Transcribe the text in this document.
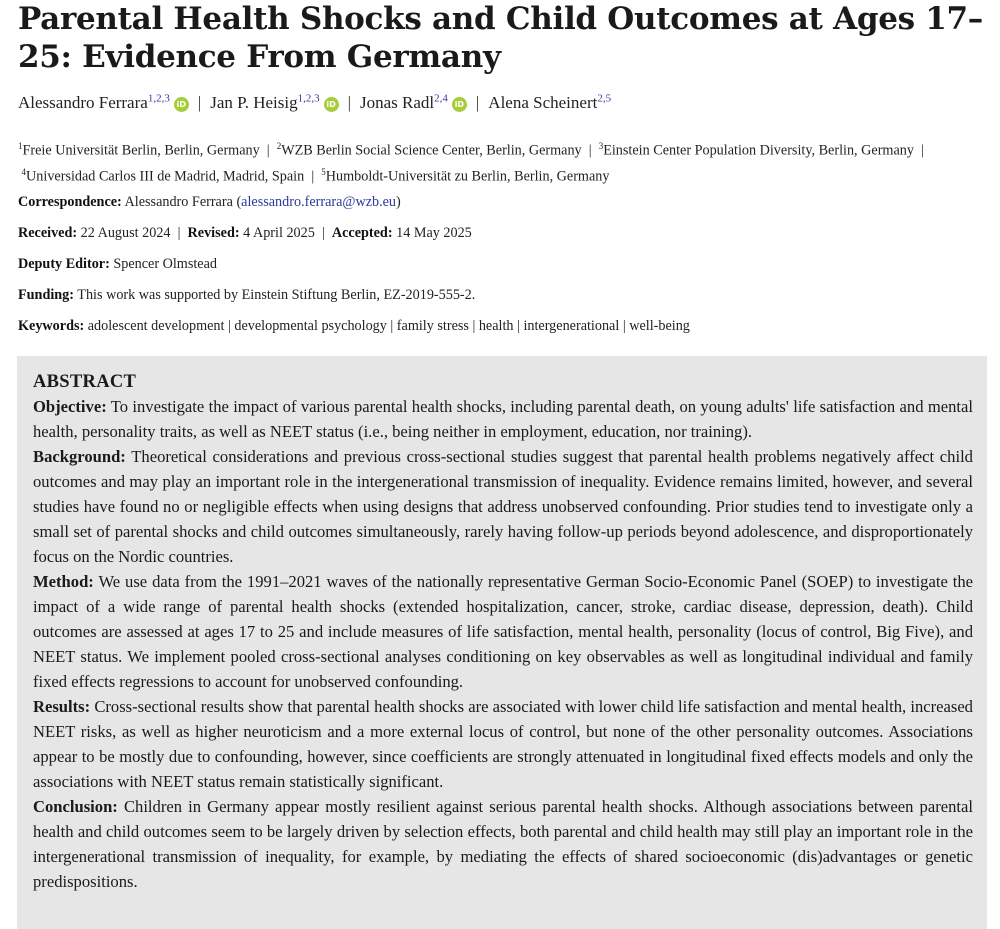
Parental Health Shocks and Child Outcomes at Ages 17–25: Evidence From Germany
Alessandro Ferrara$^{1,2,3}$iD | Jan P. Heisig$^{1,2,3}$iD | Jonas Radl$^{2,4}$iD | Alena Scheinert$^{2,5}$
$^1$Freie Universität Berlin, Berlin, Germany  |  $^2$WZB Berlin Social Science Center, Berlin, Germany  |  $^3$Einstein Center Population Diversity, Berlin, Germany  |  $^4$Universidad Carlos III de Madrid, Madrid, Spain  |  $^5$Humboldt-Universität zu Berlin, Berlin, Germany
Correspondence: Alessandro Ferrara (alessandro.ferrara@wzb.eu)
Received: 22 August 2024  |  Revised: 4 April 2025  |  Accepted: 14 May 2025
Deputy Editor: Spencer Olmstead
Funding: This work was supported by Einstein Stiftung Berlin, EZ-2019-555-2.
Keywords: adolescent development | developmental psychology | family stress | health | intergenerational | well-being
ABSTRACT

Objective: To investigate the impact of various parental health shocks, including parental death, on young adults' life satisfaction and mental health, personality traits, as well as NEET status (i.e., being neither in employment, education, nor training).

Background: Theoretical considerations and previous cross-sectional studies suggest that parental health problems negatively affect child outcomes and may play an important role in the intergenerational transmission of inequality. Evidence remains limited, however, and several studies have found no or negligible effects when using designs that address unobserved confounding. Prior studies tend to investigate only a small set of parental shocks and child outcomes simultaneously, rarely having follow-up periods beyond adolescence, and disproportionately focus on the Nordic countries.

Method: We use data from the 1991–2021 waves of the nationally representative German Socio-Economic Panel (SOEP) to investigate the impact of a wide range of parental health shocks (extended hospitalization, cancer, stroke, cardiac disease, depression, death). Child outcomes are assessed at ages 17 to 25 and include measures of life satisfaction, mental health, personality (locus of control, Big Five), and NEET status. We implement pooled cross-sectional analyses conditioning on key observables as well as longitudinal individual and family fixed effects regressions to account for unobserved confounding.

Results: Cross-sectional results show that parental health shocks are associated with lower child life satisfaction and mental health, increased NEET risks, as well as higher neuroticism and a more external locus of control, but none of the other personality outcomes. Associations appear to be mostly due to confounding, however, since coefficients are strongly attenuated in longitudinal fixed effects models and only the associations with NEET status remain statistically significant.

Conclusion: Children in Germany appear mostly resilient against serious parental health shocks. Although associations between parental health and child outcomes seem to be largely driven by selection effects, both parental and child health may still play an important role in the intergenerational transmission of inequality, for example, by mediating the effects of shared socioeconomic (dis)advantages or genetic predispositions.
